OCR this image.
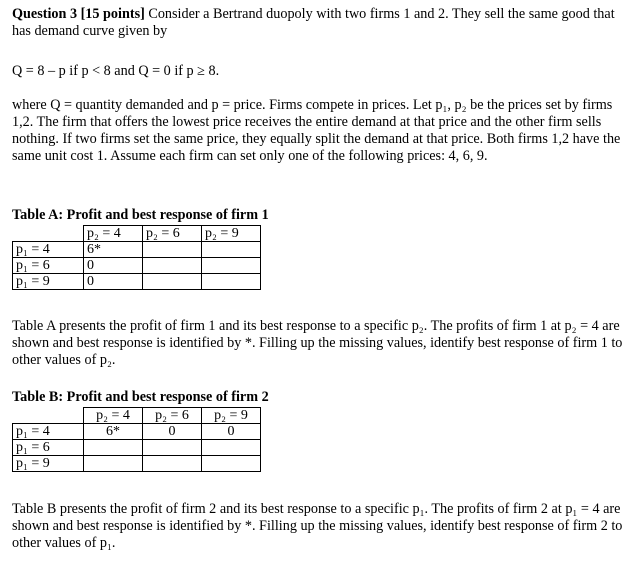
Question 3 [15 points] Consider a Bertrand duopoly with two firms 1 and 2. They sell the same good that has demand curve given by

Q = 8 – p if p < 8 and Q = 0 if p ≥ 8.

where Q = quantity demanded and p = price. Firms compete in prices. Let p₁, p₂ be the prices set by firms 1,2. The firm that offers the lowest price receives the entire demand at that price and the other firm sells nothing. If two firms set the same price, they equally split the demand at that price. Both firms 1,2 have the same unit cost 1. Assume each firm can set only one of the following prices: 4, 6, 9.

Table A: Profit and best response of firm 1
	p₂ = 4	p₂ = 6	p₂ = 9
p₁ = 4	6*		
p₁ = 6	0		
p₁ = 9	0		
Table A presents the profit of firm 1 and its best response to a specific p₂. The profits of firm 1 at p₂ = 4 are shown and best response is identified by *. Filling up the missing values, identify best response of firm 1 to other values of p₂.
Table B: Profit and best response of firm 2
	p₂ = 4	p₂ = 6	p₂ = 9
p₁ = 4	6*	0	0
p₁ = 6			
p₁ = 9			
Table B presents the profit of firm 2 and its best response to a specific p₁. The profits of firm 2 at p₁ = 4 are shown and best response is identified by *. Filling up the missing values, identify best response of firm 2 to other values of p₁.
